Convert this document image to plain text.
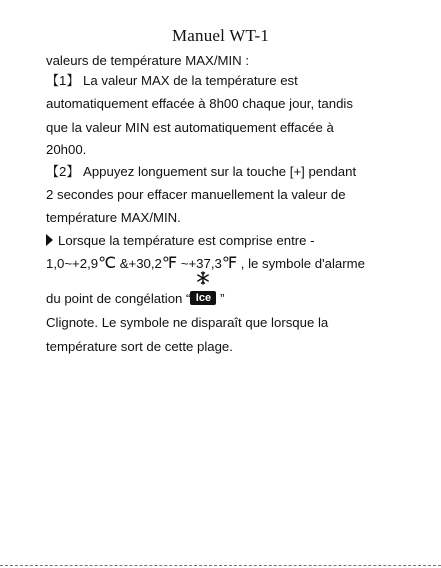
Manuel WT-1
valeurs de température MAX/MIN :
【1】 La valeur MAX de la température est
automatiquement effacée à 8h00 chaque jour, tandis
que la valeur MIN est automatiquement effacée à
20h00.
【2】 Appuyez longuement sur la touche [+] pendant
2 secondes pour effacer manuellement la valeur de
température MAX/MIN.
Lorsque la température est comprise entre -
1,0~+2,9℃ &+30,2℉ ~+37,3℉ , le symbole d'alarme
du point de congélation “ Ice ”
Clignote. Le symbole ne disparaît que lorsque la
température sort de cette plage.
